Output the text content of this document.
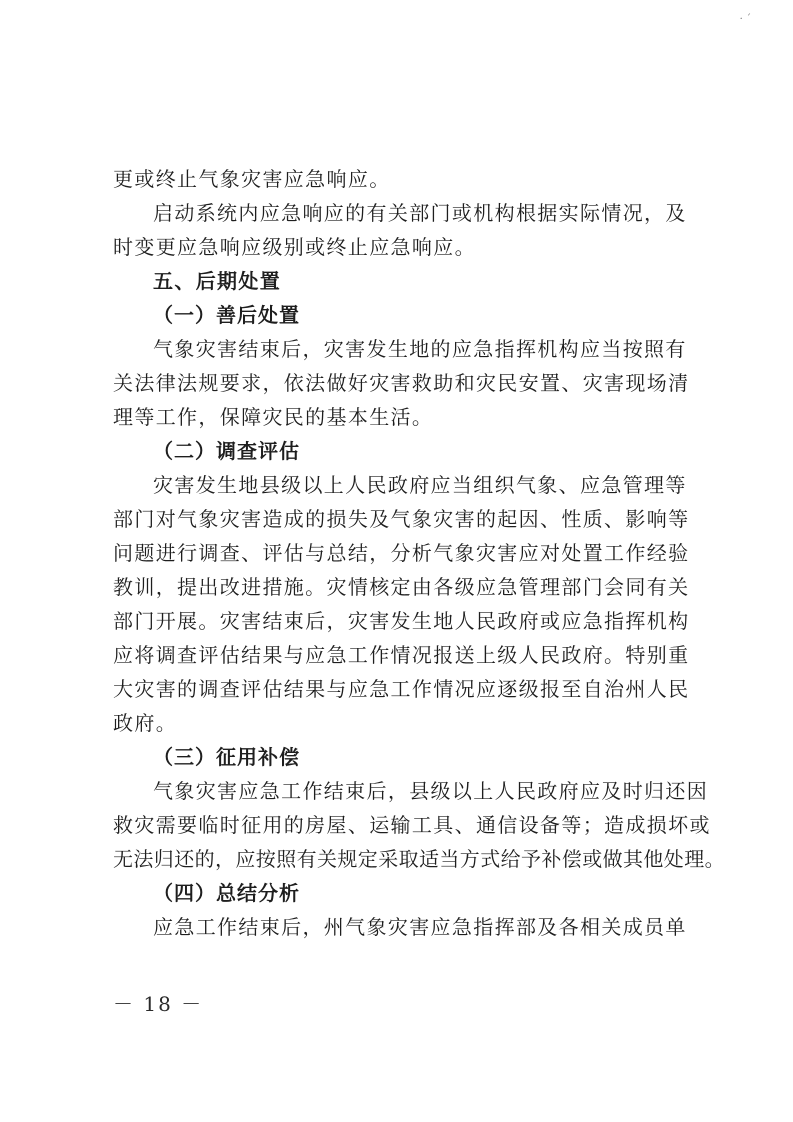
· ˊ
更或终止气象灾害应急响应。
启动系统内应急响应的有关部门或机构根据实际情况，及
时变更应急响应级别或终止应急响应。
五、后期处置
（一）善后处置
气象灾害结束后，灾害发生地的应急指挥机构应当按照有
关法律法规要求，依法做好灾害救助和灾民安置、灾害现场清
理等工作，保障灾民的基本生活。
（二）调查评估
灾害发生地县级以上人民政府应当组织气象、应急管理等
部门对气象灾害造成的损失及气象灾害的起因、性质、影响等
问题进行调查、评估与总结，分析气象灾害应对处置工作经验
教训，提出改进措施。灾情核定由各级应急管理部门会同有关
部门开展。灾害结束后，灾害发生地人民政府或应急指挥机构
应将调查评估结果与应急工作情况报送上级人民政府。特别重
大灾害的调查评估结果与应急工作情况应逐级报至自治州人民
政府。
（三）征用补偿
气象灾害应急工作结束后，县级以上人民政府应及时归还因
救灾需要临时征用的房屋、运输工具、通信设备等；造成损坏或
无法归还的，应按照有关规定采取适当方式给予补偿或做其他处理。
（四）总结分析
应急工作结束后，州气象灾害应急指挥部及各相关成员单
－ 18 －
